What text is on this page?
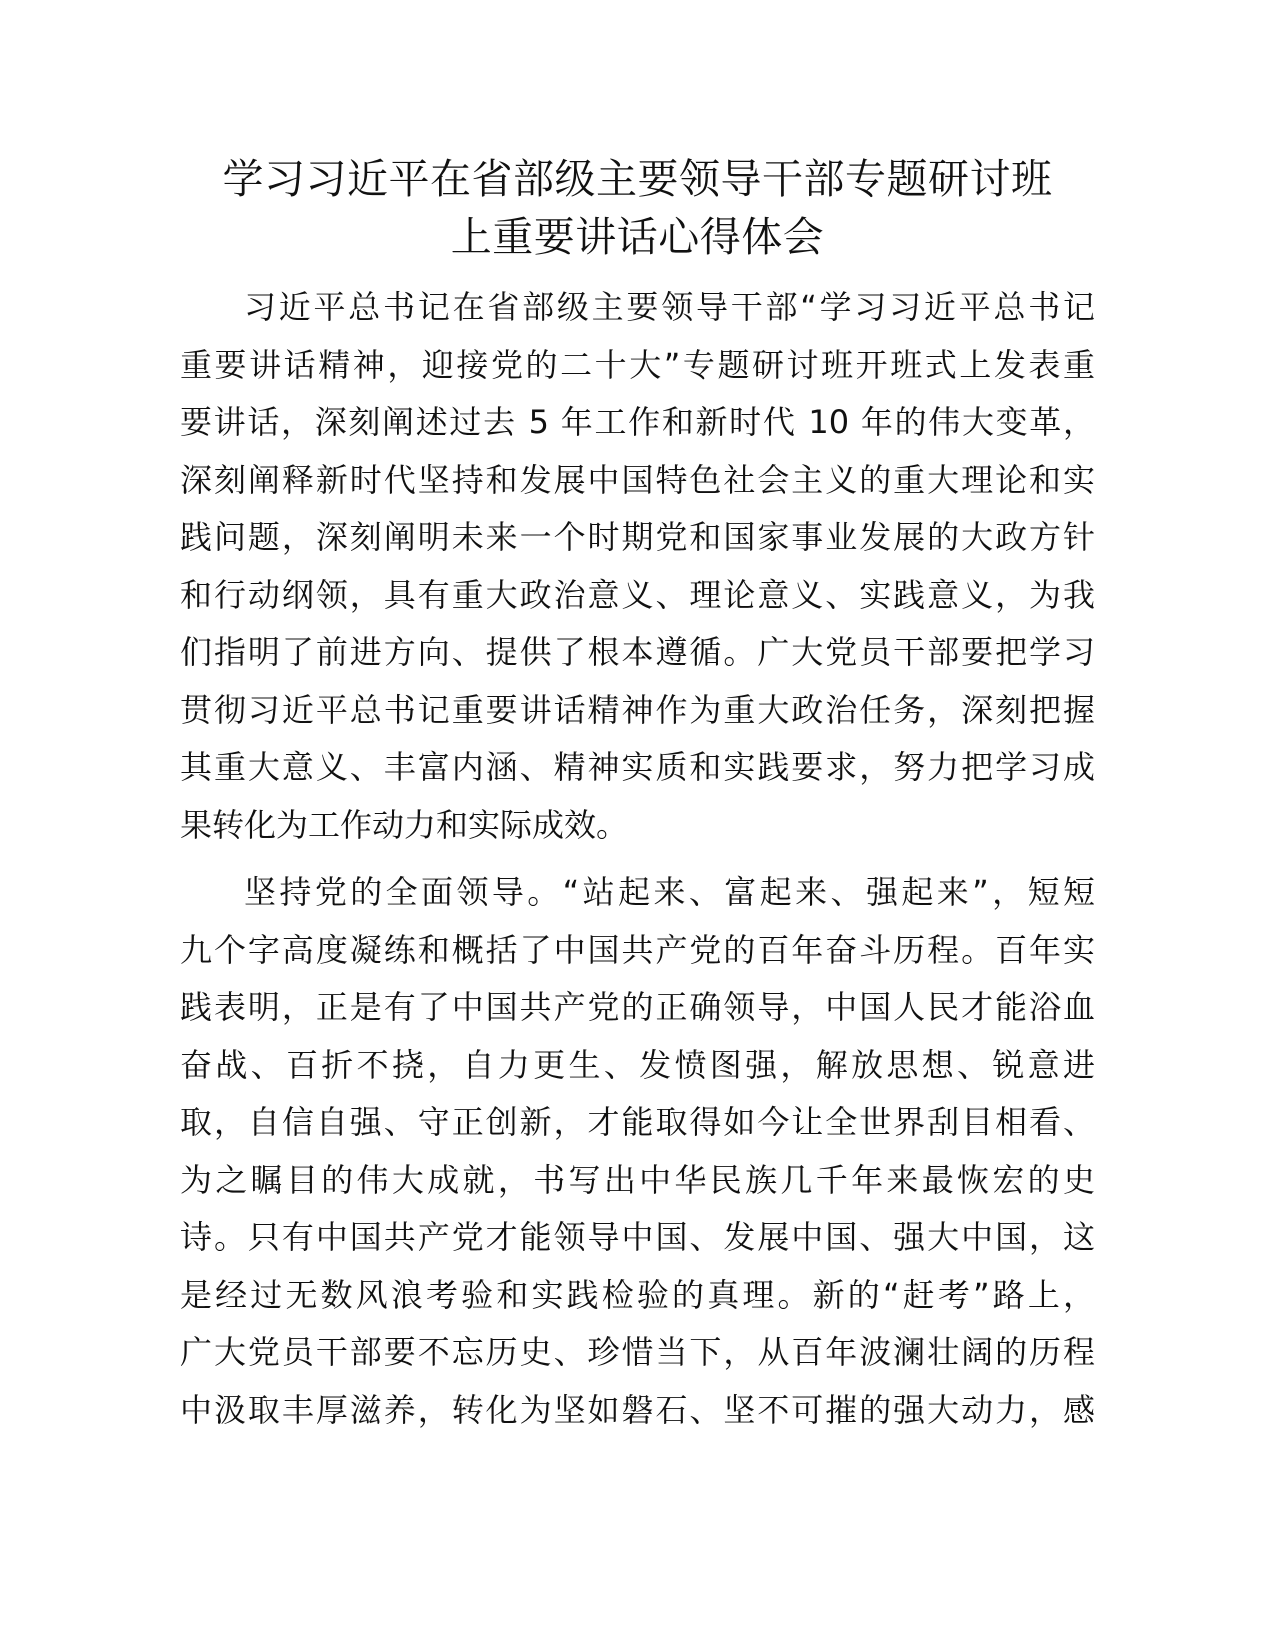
学习习近平在省部级主要领导干部专题研讨班
上重要讲话心得体会

习近平总书记在省部级主要领导干部“学习习近平总书记
重要讲话精神，迎接党的二十大”专题研讨班开班式上发表重
要讲话，深刻阐述过去 5 年工作和新时代 10 年的伟大变革，
深刻阐释新时代坚持和发展中国特色社会主义的重大理论和实
践问题，深刻阐明未来一个时期党和国家事业发展的大政方针
和行动纲领，具有重大政治意义、理论意义、实践意义，为我
们指明了前进方向、提供了根本遵循。广大党员干部要把学习
贯彻习近平总书记重要讲话精神作为重大政治任务，深刻把握
其重大意义、丰富内涵、精神实质和实践要求，努力把学习成
果转化为工作动力和实际成效。

坚持党的全面领导。“站起来、富起来、强起来”，短短
九个字高度凝练和概括了中国共产党的百年奋斗历程。百年实
践表明，正是有了中国共产党的正确领导，中国人民才能浴血
奋战、百折不挠，自力更生、发愤图强，解放思想、锐意进
取，自信自强、守正创新，才能取得如今让全世界刮目相看、
为之瞩目的伟大成就，书写出中华民族几千年来最恢宏的史
诗。只有中国共产党才能领导中国、发展中国、强大中国，这
是经过无数风浪考验和实践检验的真理。新的“赶考”路上，
广大党员干部要不忘历史、珍惜当下，从百年波澜壮阔的历程
中汲取丰厚滋养，转化为坚如磐石、坚不可摧的强大动力，感
